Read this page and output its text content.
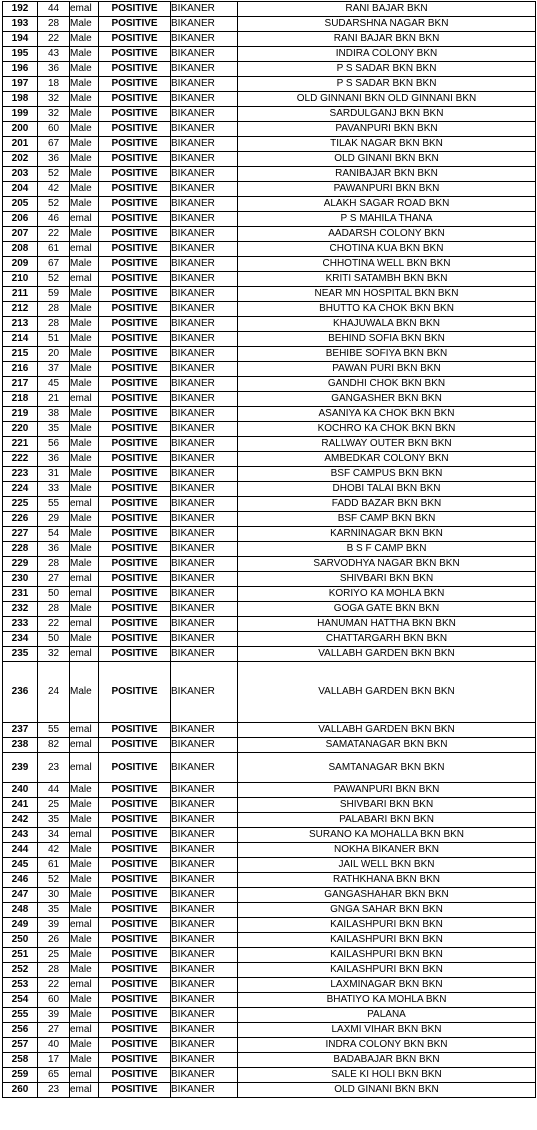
192	44	emal	POSITIVE	BIKANER	RANI BAJAR BKN
193	28	Male	POSITIVE	BIKANER	SUDARSHNA NAGAR BKN
194	22	Male	POSITIVE	BIKANER	RANI BAJAR BKN BKN
195	43	Male	POSITIVE	BIKANER	INDIRA COLONY BKN
196	36	Male	POSITIVE	BIKANER	P S SADAR BKN BKN
197	18	Male	POSITIVE	BIKANER	P S SADAR BKN BKN
198	32	Male	POSITIVE	BIKANER	OLD GINNANI BKN OLD GINNANI BKN
199	32	Male	POSITIVE	BIKANER	SARDULGANJ BKN BKN
200	60	Male	POSITIVE	BIKANER	PAVANPURI BKN BKN
201	67	Male	POSITIVE	BIKANER	TILAK NAGAR BKN BKN
202	36	Male	POSITIVE	BIKANER	OLD GINANI BKN BKN
203	52	Male	POSITIVE	BIKANER	RANIBAJAR BKN BKN
204	42	Male	POSITIVE	BIKANER	PAWANPURI BKN BKN
205	52	Male	POSITIVE	BIKANER	ALAKH SAGAR ROAD BKN
206	46	emal	POSITIVE	BIKANER	P S MAHILA THANA
207	22	Male	POSITIVE	BIKANER	AADARSH COLONY BKN
208	61	emal	POSITIVE	BIKANER	CHOTINA KUA BKN BKN
209	67	Male	POSITIVE	BIKANER	CHHOTINA WELL BKN BKN
210	52	emal	POSITIVE	BIKANER	KRITI SATAMBH BKN BKN
211	59	Male	POSITIVE	BIKANER	NEAR MN HOSPITAL BKN BKN
212	28	Male	POSITIVE	BIKANER	BHUTTO KA CHOK BKN BKN
213	28	Male	POSITIVE	BIKANER	KHAJUWALA BKN BKN
214	51	Male	POSITIVE	BIKANER	BEHIND SOFIA BKN BKN
215	20	Male	POSITIVE	BIKANER	BEHIBE SOFIYA BKN BKN
216	37	Male	POSITIVE	BIKANER	PAWAN PURI BKN BKN
217	45	Male	POSITIVE	BIKANER	GANDHI CHOK BKN BKN
218	21	emal	POSITIVE	BIKANER	GANGASHER BKN BKN
219	38	Male	POSITIVE	BIKANER	ASANIYA KA CHOK BKN BKN
220	35	Male	POSITIVE	BIKANER	KOCHRO KA CHOK BKN BKN
221	56	Male	POSITIVE	BIKANER	RALLWAY OUTER BKN BKN
222	36	Male	POSITIVE	BIKANER	AMBEDKAR COLONY BKN
223	31	Male	POSITIVE	BIKANER	BSF CAMPUS BKN BKN
224	33	Male	POSITIVE	BIKANER	DHOBI TALAI BKN BKN
225	55	emal	POSITIVE	BIKANER	FADD BAZAR BKN BKN
226	29	Male	POSITIVE	BIKANER	BSF CAMP BKN BKN
227	54	Male	POSITIVE	BIKANER	KARNINAGAR BKN BKN
228	36	Male	POSITIVE	BIKANER	B S F CAMP BKN
229	28	Male	POSITIVE	BIKANER	SARVODHYA NAGAR BKN BKN
230	27	emal	POSITIVE	BIKANER	SHIVBARI BKN BKN
231	50	emal	POSITIVE	BIKANER	KORIYO KA MOHLA BKN
232	28	Male	POSITIVE	BIKANER	GOGA GATE BKN BKN
233	22	emal	POSITIVE	BIKANER	HANUMAN HATTHA BKN BKN
234	50	Male	POSITIVE	BIKANER	CHATTARGARH BKN BKN
235	32	emal	POSITIVE	BIKANER	VALLABH GARDEN BKN BKN
236	24	Male	POSITIVE	BIKANER	VALLABH GARDEN BKN BKN
237	55	emal	POSITIVE	BIKANER	VALLABH GARDEN BKN BKN
238	82	emal	POSITIVE	BIKANER	SAMATANAGAR BKN BKN
239	23	emal	POSITIVE	BIKANER	SAMTANAGAR BKN BKN
240	44	Male	POSITIVE	BIKANER	PAWANPURI BKN BKN
241	25	Male	POSITIVE	BIKANER	SHIVBARI BKN BKN
242	35	Male	POSITIVE	BIKANER	PALABARI BKN BKN
243	34	emal	POSITIVE	BIKANER	SURANO KA MOHALLA BKN BKN
244	42	Male	POSITIVE	BIKANER	NOKHA BIKANER BKN
245	61	Male	POSITIVE	BIKANER	JAIL WELL BKN BKN
246	52	Male	POSITIVE	BIKANER	RATHKHANA BKN BKN
247	30	Male	POSITIVE	BIKANER	GANGASHAHAR BKN BKN
248	35	Male	POSITIVE	BIKANER	GNGA SAHAR BKN BKN
249	39	emal	POSITIVE	BIKANER	KAILASHPURI BKN BKN
250	26	Male	POSITIVE	BIKANER	KAILASHPURI BKN BKN
251	25	Male	POSITIVE	BIKANER	KAILASHPURI BKN BKN
252	28	Male	POSITIVE	BIKANER	KAILASHPURI BKN BKN
253	22	emal	POSITIVE	BIKANER	LAXMINAGAR BKN BKN
254	60	Male	POSITIVE	BIKANER	BHATIYO KA MOHLA BKN
255	39	Male	POSITIVE	BIKANER	PALANA
256	27	emal	POSITIVE	BIKANER	LAXMI VIHAR BKN BKN
257	40	Male	POSITIVE	BIKANER	INDRA COLONY BKN BKN
258	17	Male	POSITIVE	BIKANER	BADABAJAR BKN BKN
259	65	emal	POSITIVE	BIKANER	SALE KI HOLI BKN BKN
260	23	emal	POSITIVE	BIKANER	OLD GINANI BKN BKN
